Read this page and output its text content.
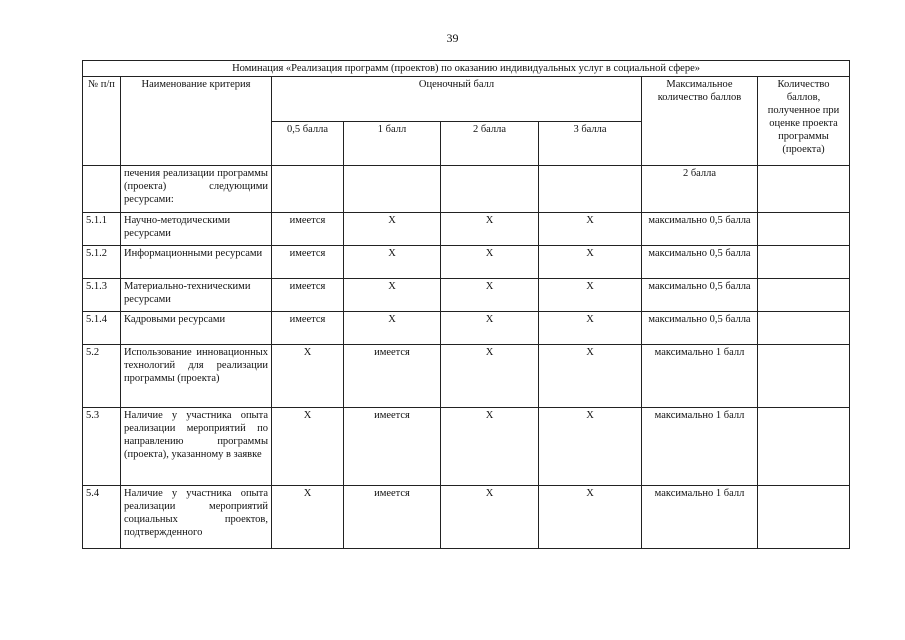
39
Номинация «Реализация программ (проектов) по оказанию индивидуальных услуг в социальной сфере»							
№ п/п	Наименование критерия	Оценочный балл				Максимальное количество баллов	Количество баллов, полученное при оценке проекта программы (проекта)
		0,5 балла	1 балл	2 балла	3 балла		
	печения реализации программы (проекта) следующими ресурсами:					2 балла	
5.1.1	Научно-методическими ресурсами	имеется	Х	Х	Х	максимально 0,5 балла	
5.1.2	Информационными ресурсами	имеется	Х	Х	Х	максимально 0,5 балла	
5.1.3	Материально-техническими ресурсами	имеется	Х	Х	Х	максимально 0,5 балла	
5.1.4	Кадровыми ресурсами	имеется	Х	Х	Х	максимально 0,5 балла	
5.2	Использование инновационных технологий для реализации программы (проекта)	Х	имеется	Х	Х	максимально 1 балл	
5.3	Наличие у участника опыта реализации мероприятий по направлению программы (проекта), указанному в заявке	Х	имеется	Х	Х	максимально 1 балл	
5.4	Наличие у участника опыта реализации мероприятий социальных проектов, подтвержденного	Х	имеется	Х	Х	максимально 1 балл	
